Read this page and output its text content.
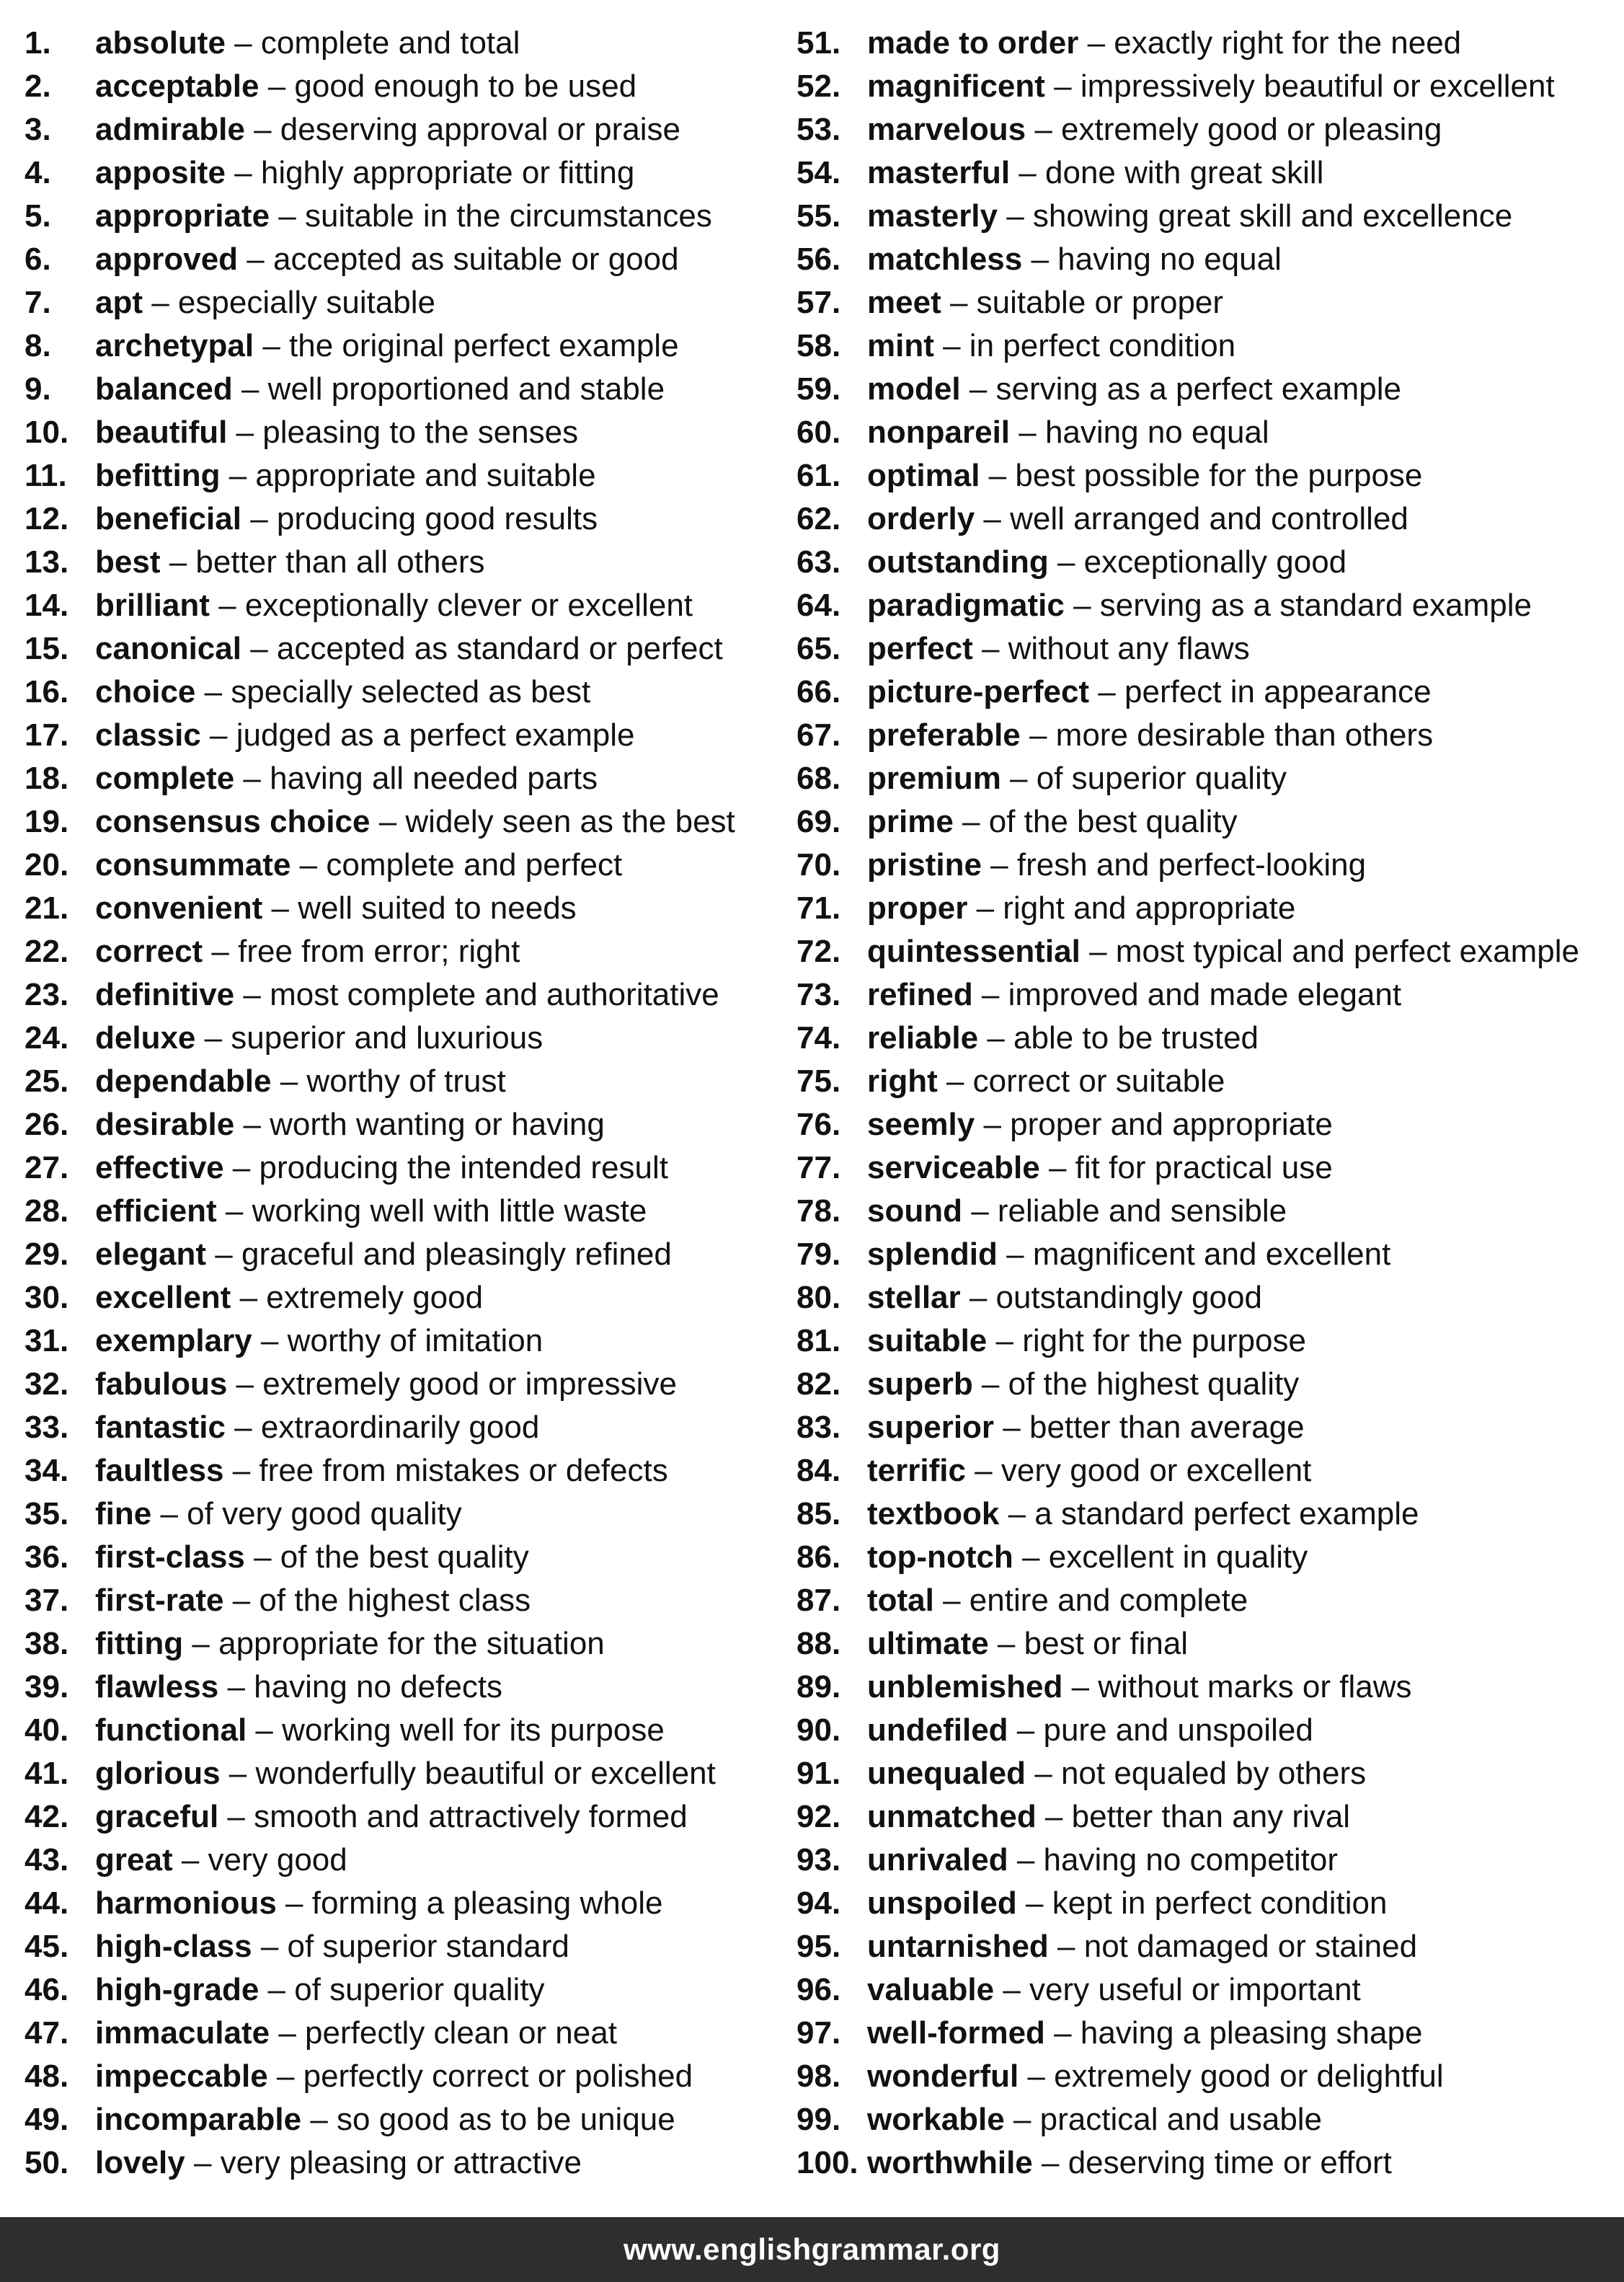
1. absolute – complete and total
2. acceptable – good enough to be used
3. admirable – deserving approval or praise
4. apposite – highly appropriate or fitting
5. appropriate – suitable in the circumstances
6. approved – accepted as suitable or good
7. apt – especially suitable
8. archetypal – the original perfect example
9. balanced – well proportioned and stable
10. beautiful – pleasing to the senses
11. befitting – appropriate and suitable
12. beneficial – producing good results
13. best – better than all others
14. brilliant – exceptionally clever or excellent
15. canonical – accepted as standard or perfect
16. choice – specially selected as best
17. classic – judged as a perfect example
18. complete – having all needed parts
19. consensus choice – widely seen as the best
20. consummate – complete and perfect
21. convenient – well suited to needs
22. correct – free from error; right
23. definitive – most complete and authoritative
24. deluxe – superior and luxurious
25. dependable – worthy of trust
26. desirable – worth wanting or having
27. effective – producing the intended result
28. efficient – working well with little waste
29. elegant – graceful and pleasingly refined
30. excellent – extremely good
31. exemplary – worthy of imitation
32. fabulous – extremely good or impressive
33. fantastic – extraordinarily good
34. faultless – free from mistakes or defects
35. fine – of very good quality
36. first-class – of the best quality
37. first-rate – of the highest class
38. fitting – appropriate for the situation
39. flawless – having no defects
40. functional – working well for its purpose
41. glorious – wonderfully beautiful or excellent
42. graceful – smooth and attractively formed
43. great – very good
44. harmonious – forming a pleasing whole
45. high-class – of superior standard
46. high-grade – of superior quality
47. immaculate – perfectly clean or neat
48. impeccable – perfectly correct or polished
49. incomparable – so good as to be unique
50. lovely – very pleasing or attractive
51. made to order – exactly right for the need
52. magnificent – impressively beautiful or excellent
53. marvelous – extremely good or pleasing
54. masterful – done with great skill
55. masterly – showing great skill and excellence
56. matchless – having no equal
57. meet – suitable or proper
58. mint – in perfect condition
59. model – serving as a perfect example
60. nonpareil – having no equal
61. optimal – best possible for the purpose
62. orderly – well arranged and controlled
63. outstanding – exceptionally good
64. paradigmatic – serving as a standard example
65. perfect – without any flaws
66. picture-perfect – perfect in appearance
67. preferable – more desirable than others
68. premium – of superior quality
69. prime – of the best quality
70. pristine – fresh and perfect-looking
71. proper – right and appropriate
72. quintessential – most typical and perfect example
73. refined – improved and made elegant
74. reliable – able to be trusted
75. right – correct or suitable
76. seemly – proper and appropriate
77. serviceable – fit for practical use
78. sound – reliable and sensible
79. splendid – magnificent and excellent
80. stellar – outstandingly good
81. suitable – right for the purpose
82. superb – of the highest quality
83. superior – better than average
84. terrific – very good or excellent
85. textbook – a standard perfect example
86. top-notch – excellent in quality
87. total – entire and complete
88. ultimate – best or final
89. unblemished – without marks or flaws
90. undefiled – pure and unspoiled
91. unequaled – not equaled by others
92. unmatched – better than any rival
93. unrivaled – having no competitor
94. unspoiled – kept in perfect condition
95. untarnished – not damaged or stained
96. valuable – very useful or important
97. well-formed – having a pleasing shape
98. wonderful – extremely good or delightful
99. workable – practical and usable
100. worthwhile – deserving time or effort
www.englishgrammar.org
